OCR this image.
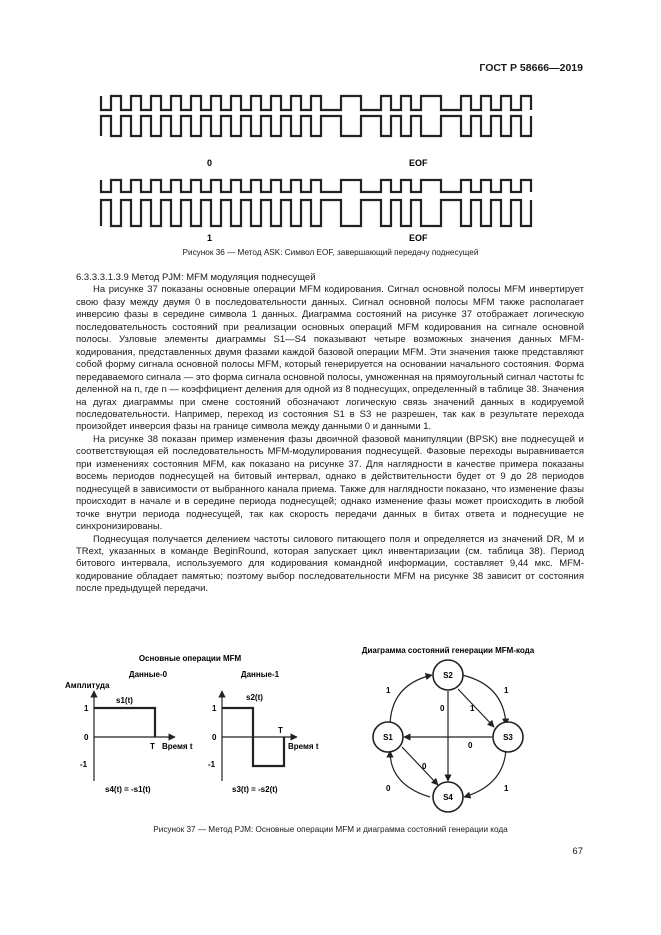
ГОСТ Р 58666—2019
0	EOF
1	EOF
Рисунок 36 — Метод ASK: Символ EOF, завершающий передачу поднесущей

6.3.3.3.1.3.9 Метод PJM: MFM модуляция поднесущей

На рисунке 37 показаны основные операции MFM кодирования. Сигнал основной полосы MFM инвертирует свою фазу между двумя 0 в последовательности данных. Сигнал основной полосы MFM также располагает инверсию фазы в середине символа 1 данных. Диаграмма состояний на рисунке 37 отображает логическую последовательность состояний при реализации основных операций MFM кодирования на сигнале основной полосы. Узловые элементы диаграммы S1—S4 показывают четыре возможных значения данных MFM-кодирования, представленных двумя фазами каждой базовой операции MFM. Эти значения также представляют собой форму сигнала основной полосы MFM, который генерируется на основании начального состояния. Форма передаваемого сигнала — это форма сигнала основной полосы, умноженная на прямоугольный сигнал частоты fc деленной на n, где n — коэффициент деления для одной из 8 поднесущих, определенный в таблице 38. Значения на дугах диаграммы при смене состояний обозначают логическую связь значений данных в кодируемой последовательности. Например, переход из состояния S1 в S3 не разрешен, так как в результате перехода произойдет инверсия фазы на границе символа между данными 0 и данными 1.

На рисунке 38 показан пример изменения фазы двоичной фазовой манипуляции (BPSK) вне поднесущей и соответствующая ей последовательность MFM-модулирования поднесущей. Фазовые переходы выравнивается при изменениях состояния MFM, как показано на рисунке 37. Для наглядности в качестве примера показаны восемь периодов поднесущей на битовый интервал, однако в действительности будет от 9 до 28 периодов поднесущей в зависимости от выбранного канала приема. Также для наглядности показано, что изменение фазы происходит в начале и в середине периода поднесущей; однако изменение фазы может происходить в любой точке внутри периода поднесущей, так как скорость передачи данных в битах ответа и поднесущие не синхронизированы.

Поднесущая получается делением частоты силового питающего поля и определяется из значений DR, M и TRext, указанных в команде BeginRound, которая запускает цикл инвентаризации (см. таблица 38). Период битового интервала, используемого для кодирования командной информации, составляет 9,44 мкс. MFM-кодирование обладает памятью; поэтому выбор последовательности MFM на рисунке 38 зависит от состояния после предыдущей передачи.

Основные операции MFM
Данные-0	Данные-1
Амплитуда
s1(t)
1
0
-1
T Время t
s4(t) = -s1(t)
s2(t)
1
0
-1
T
Время t
s3(t) = -s2(t)
Диаграмма состояний генерации MFM-кода
S2
S1	S3
S4
1	1
0	1
0
0
0	1
Рисунок 37 — Метод PJM: Основные операции MFM и диаграмма состояний генерации кода
67
